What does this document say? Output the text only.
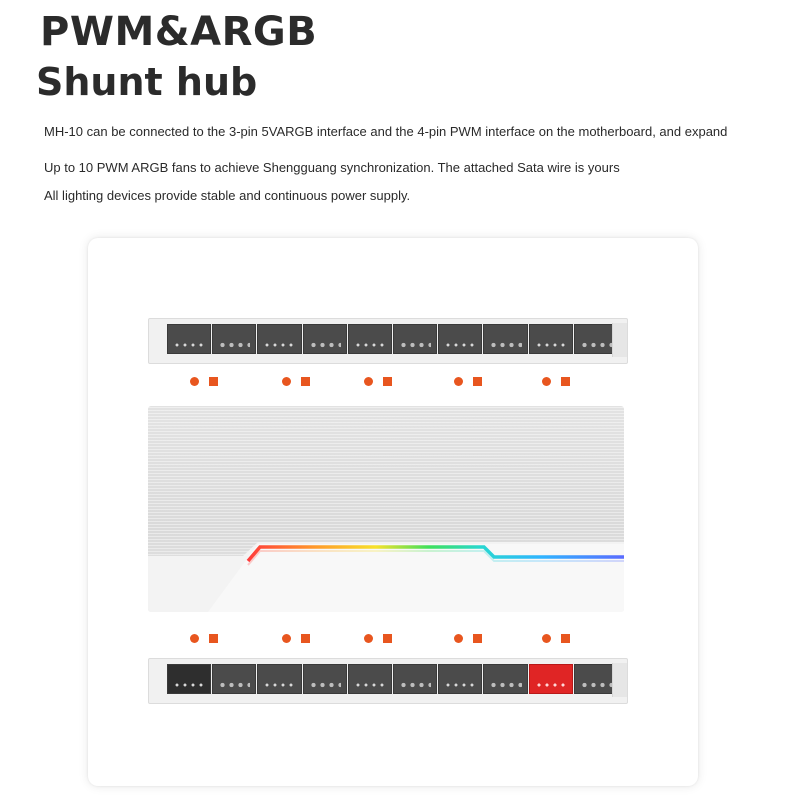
PWM&ARGB
Shunt hub
MH-10 can be connected to the 3-pin 5VARGB interface and the 4-pin PWM interface on the motherboard, and expand
Up to 10 PWM ARGB fans to achieve Shengguang synchronization. The attached Sata wire is yours
All lighting devices provide stable and continuous power supply.
